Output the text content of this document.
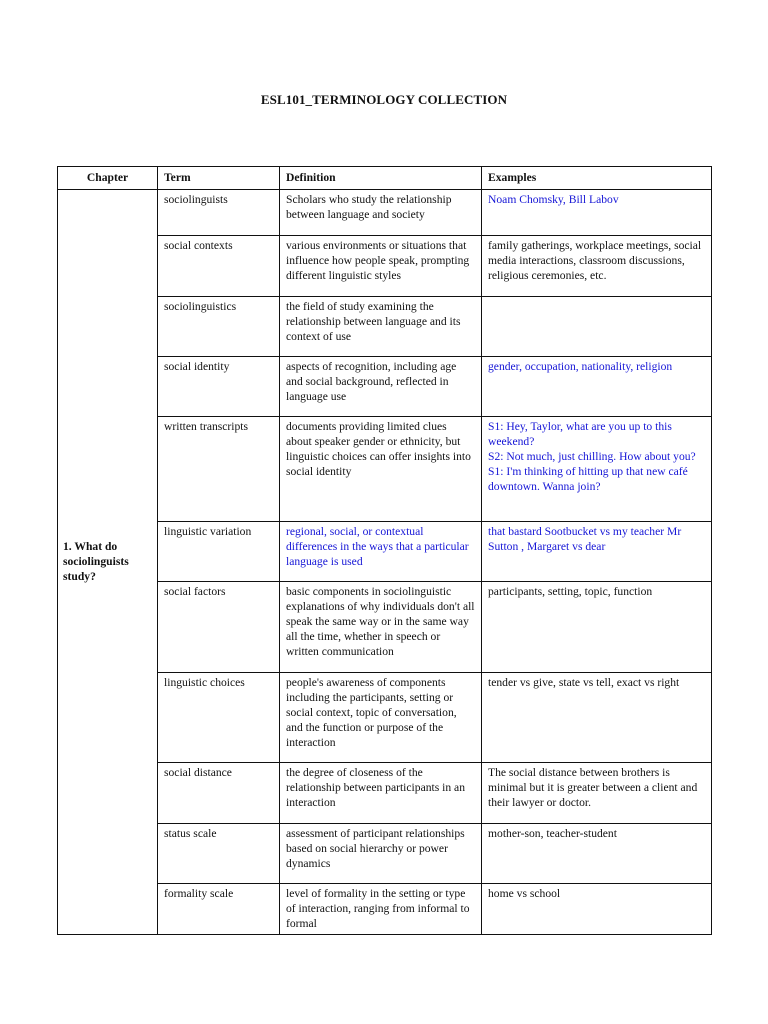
ESL101_TERMINOLOGY COLLECTION
Chapter	Term	Definition	Examples
1. What do sociolinguists study?	sociolinguists	Scholars who study the relationship between language and society	Noam Chomsky, Bill Labov

	social contexts	various environments or situations that influence how people speak, prompting different linguistic styles	family gatherings, workplace meetings, social media interactions, classroom discussions, religious ceremonies, etc.

	sociolinguistics	the field of study examining the relationship between language and its context of use	

	social identity	aspects of recognition, including age and social background, reflected in language use	gender, occupation, nationality, religion

	written transcripts	documents providing limited clues about speaker gender or ethnicity, but linguistic choices can offer insights into social identity	S1: Hey, Taylor, what are you up to this weekend?
S2: Not much, just chilling. How about you?
S1: I'm thinking of hitting up that new café downtown. Wanna join?

	linguistic variation	regional, social, or contextual differences in the ways that a particular language is used	that bastard Sootbucket vs my teacher Mr Sutton , Margaret vs dear

	social factors	basic components in sociolinguistic explanations of why individuals don't all speak the same way or in the same way all the time, whether in speech or written communication	participants, setting, topic, function

	linguistic choices	people's awareness of components including the participants, setting or social context, topic of conversation, and the function or purpose of the interaction	tender vs give, state vs tell, exact vs right

	social distance	the degree of closeness of the relationship between participants in an interaction	The social distance between brothers is minimal but it is greater between a client and their lawyer or doctor.

	status scale	assessment of participant relationships based on social hierarchy or power dynamics	mother-son, teacher-student

	formality scale	level of formality in the setting or type of interaction, ranging from informal to formal	home vs school
